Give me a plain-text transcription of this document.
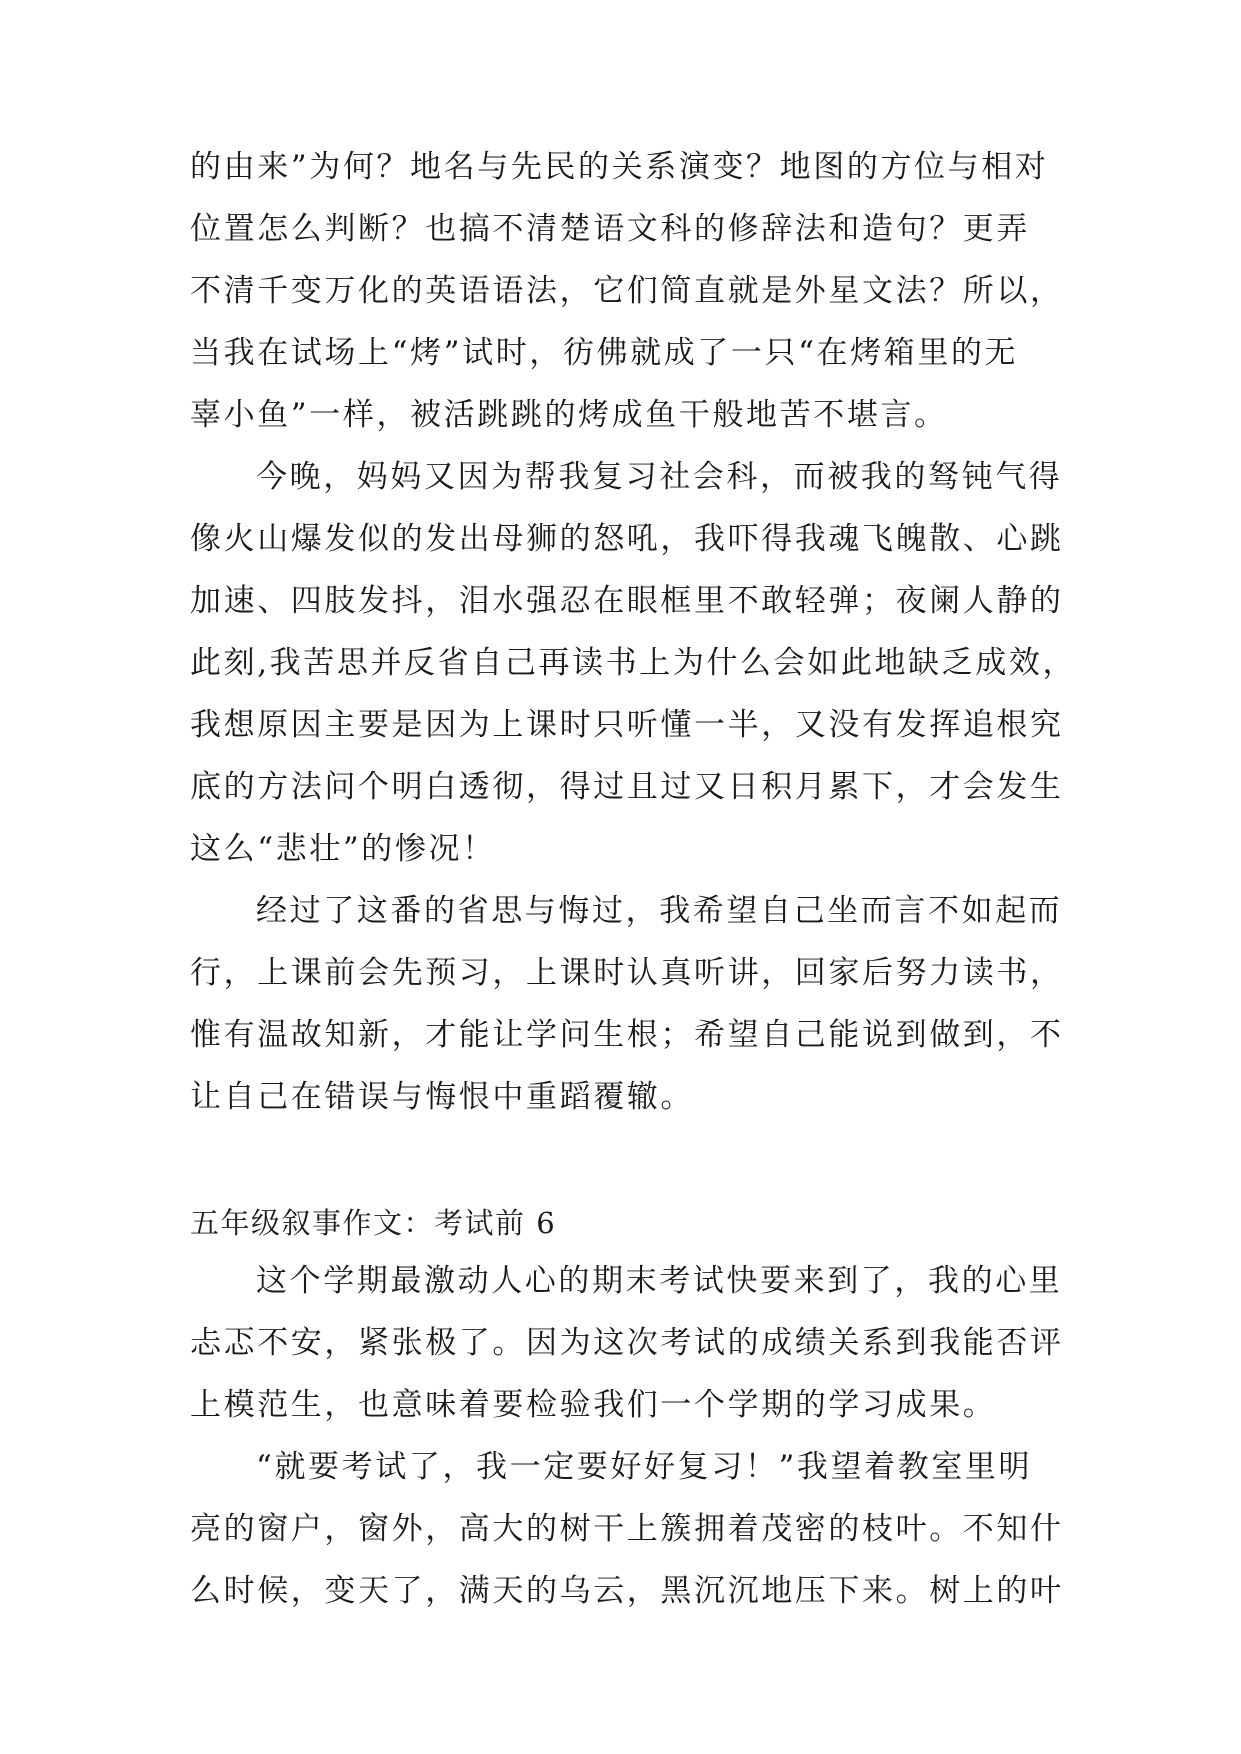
的由来”为何？地名与先民的关系演变？地图的方位与相对
位置怎么判断？也搞不清楚语文科的修辞法和造句？更弄
不清千变万化的英语语法，它们简直就是外星文法？所以，
当我在试场上“烤”试时，彷佛就成了一只“在烤箱里的无
辜小鱼”一样，被活跳跳的烤成鱼干般地苦不堪言。
今晚，妈妈又因为帮我复习社会科，而被我的驽钝气得
像火山爆发似的发出母狮的怒吼，我吓得我魂飞魄散、心跳
加速、四肢发抖，泪水强忍在眼框里不敢轻弹；夜阑人静的
此刻,我苦思并反省自己再读书上为什么会如此地缺乏成效，
我想原因主要是因为上课时只听懂一半，又没有发挥追根究
底的方法问个明白透彻，得过且过又日积月累下，才会发生
这么“悲壮”的惨况！
经过了这番的省思与悔过，我希望自己坐而言不如起而
行，上课前会先预习，上课时认真听讲，回家后努力读书，
惟有温故知新，才能让学问生根；希望自己能说到做到，不
让自己在错误与悔恨中重蹈覆辙。
五年级叙事作文：考试前 6
这个学期最激动人心的期末考试快要来到了，我的心里
忐忑不安，紧张极了。因为这次考试的成绩关系到我能否评
上模范生，也意味着要检验我们一个学期的学习成果。
“就要考试了，我一定要好好复习！”我望着教室里明
亮的窗户，窗外，高大的树干上簇拥着茂密的枝叶。不知什
么时候，变天了，满天的乌云，黑沉沉地压下来。树上的叶
